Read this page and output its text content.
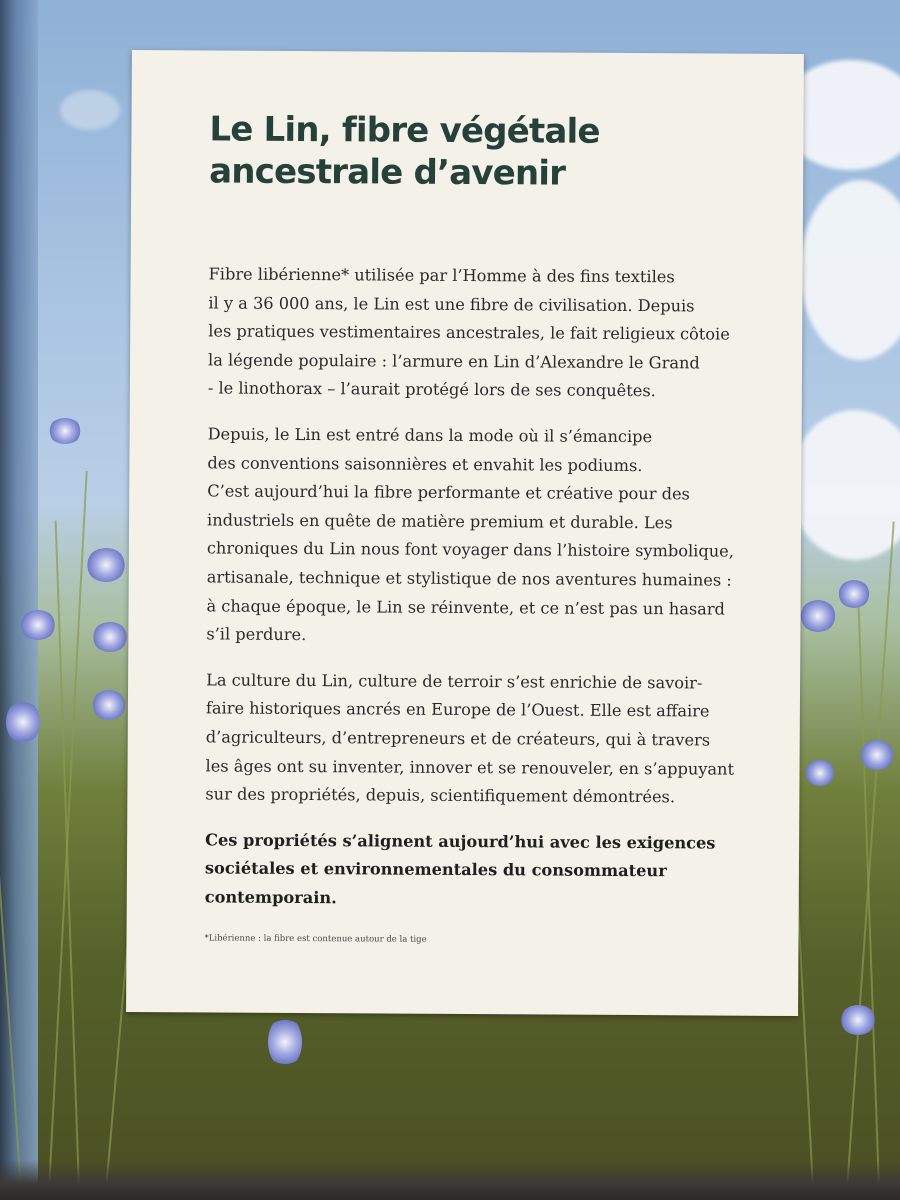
Le Lin, fibre végétale
ancestrale d’avenir

Fibre libérienne* utilisée par l’Homme à des fins textiles
il y a 36 000 ans, le Lin est une fibre de civilisation. Depuis
les pratiques vestimentaires ancestrales, le fait religieux côtoie
la légende populaire : l’armure en Lin d’Alexandre le Grand
- le linothorax – l’aurait protégé lors de ses conquêtes.

Depuis, le Lin est entré dans la mode où il s’émancipe
des conventions saisonnières et envahit les podiums.
C’est aujourd’hui la fibre performante et créative pour des
industriels en quête de matière premium et durable. Les
chroniques du Lin nous font voyager dans l’histoire symbolique,
artisanale, technique et stylistique de nos aventures humaines :
à chaque époque, le Lin se réinvente, et ce n’est pas un hasard
s’il perdure.

La culture du Lin, culture de terroir s’est enrichie de savoir-
faire historiques ancrés en Europe de l’Ouest. Elle est affaire
d’agriculteurs, d’entrepreneurs et de créateurs, qui à travers
les âges ont su inventer, innover et se renouveler, en s’appuyant
sur des propriétés, depuis, scientifiquement démontrées.

Ces propriétés s’alignent aujourd’hui avec les exigences
sociétales et environnementales du consommateur
contemporain.

*Libérienne : la fibre est contenue autour de la tige
